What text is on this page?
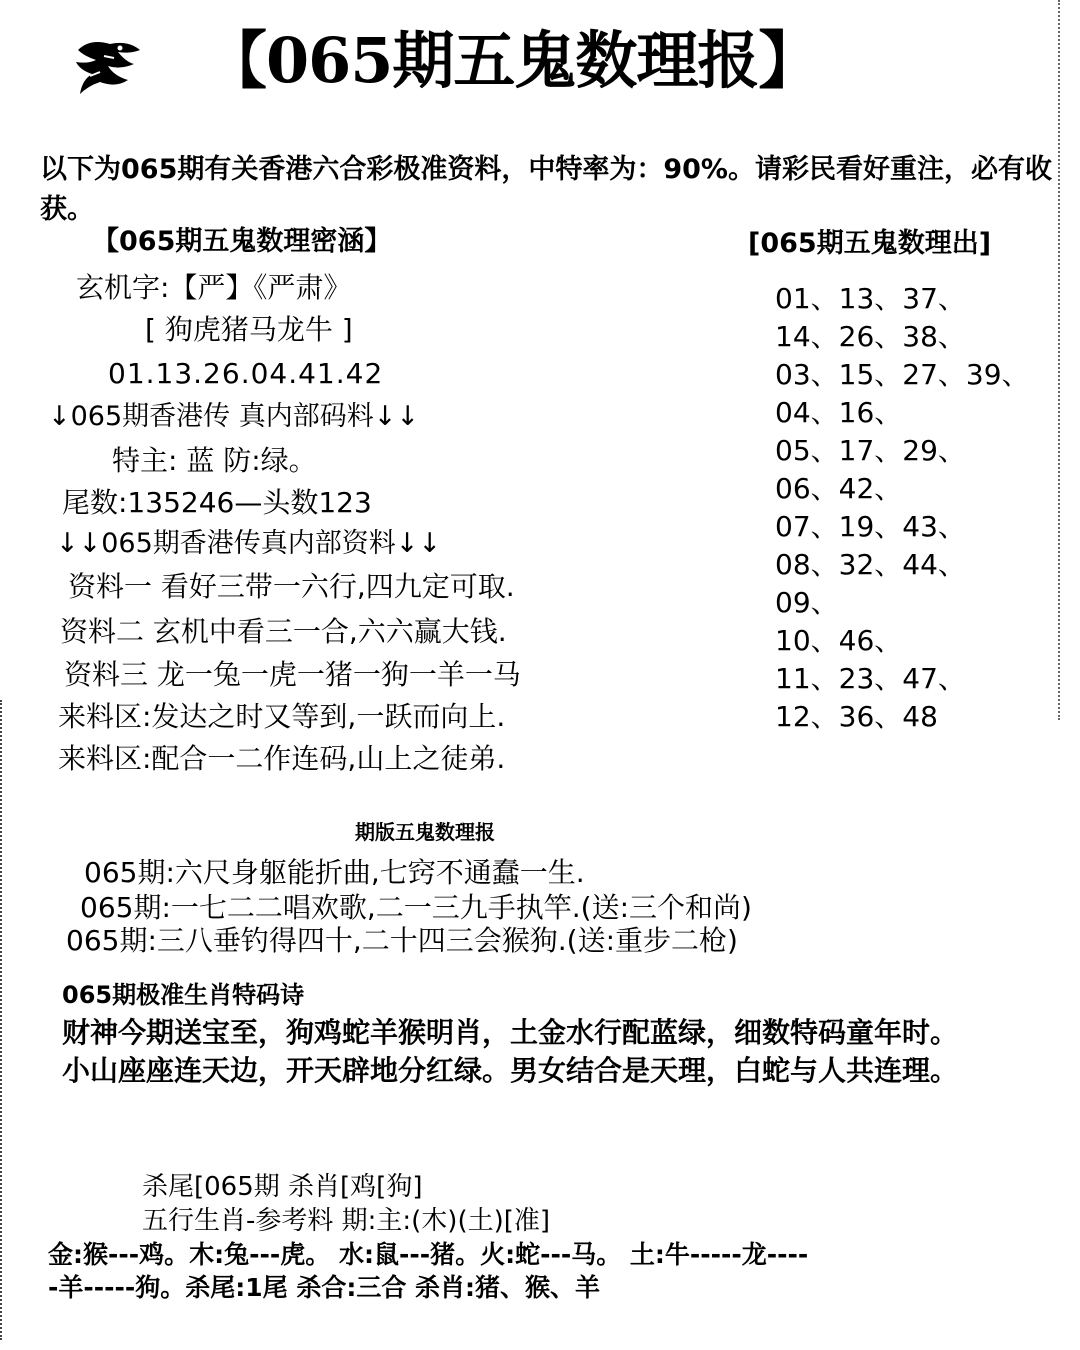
【065期五鬼数理报】
以下为065期有关香港六合彩极准资料，中特率为：90%。请彩民看好重注，必有收获。
【065期五鬼数理密涵】
玄机字:【严】《严肃》
[ 狗虎猪马龙牛 ]
01.13.26.04.41.42
↓065期香港传 真内部码料↓↓
特主: 蓝 防:绿。
尾数:135246—头数123
↓↓065期香港传真内部资料↓↓
资料一 看好三带一六行,四九定可取.
资料二 玄机中看三一合,六六赢大钱.
资料三 龙一兔一虎一猪一狗一羊一马
来料区:发达之时又等到,一跃而向上.
来料区:配合一二作连码,山上之徒弟.
[065期五鬼数理出]
01、13、37、
14、26、38、
03、15、27、39、
04、16、
05、17、29、
06、42、
07、19、43、
08、32、44、
09、
10、46、
11、23、47、
12、36、48
期版五鬼数理报
065期:六尺身躯能折曲,七窍不通蠢一生.
065期:一七二二唱欢歌,二一三九手执竿.(送:三个和尚)
065期:三八垂钓得四十,二十四三会猴狗.(送:重步二枪)
065期极准生肖特码诗
财神今期送宝至，狗鸡蛇羊猴明肖，土金水行配蓝绿，细数特码童年时。
小山座座连天边，开天辟地分红绿。男女结合是天理，白蛇与人共连理。
杀尾[065期 杀肖[鸡[狗]
五行生肖-参考料 期:主:(木)(土)[准]
金:猴---鸡。木:兔---虎。 水:鼠---猪。火:蛇---马。 土:牛-----龙----
-羊-----狗。杀尾:1尾 杀合:三合 杀肖:猪、猴、羊
